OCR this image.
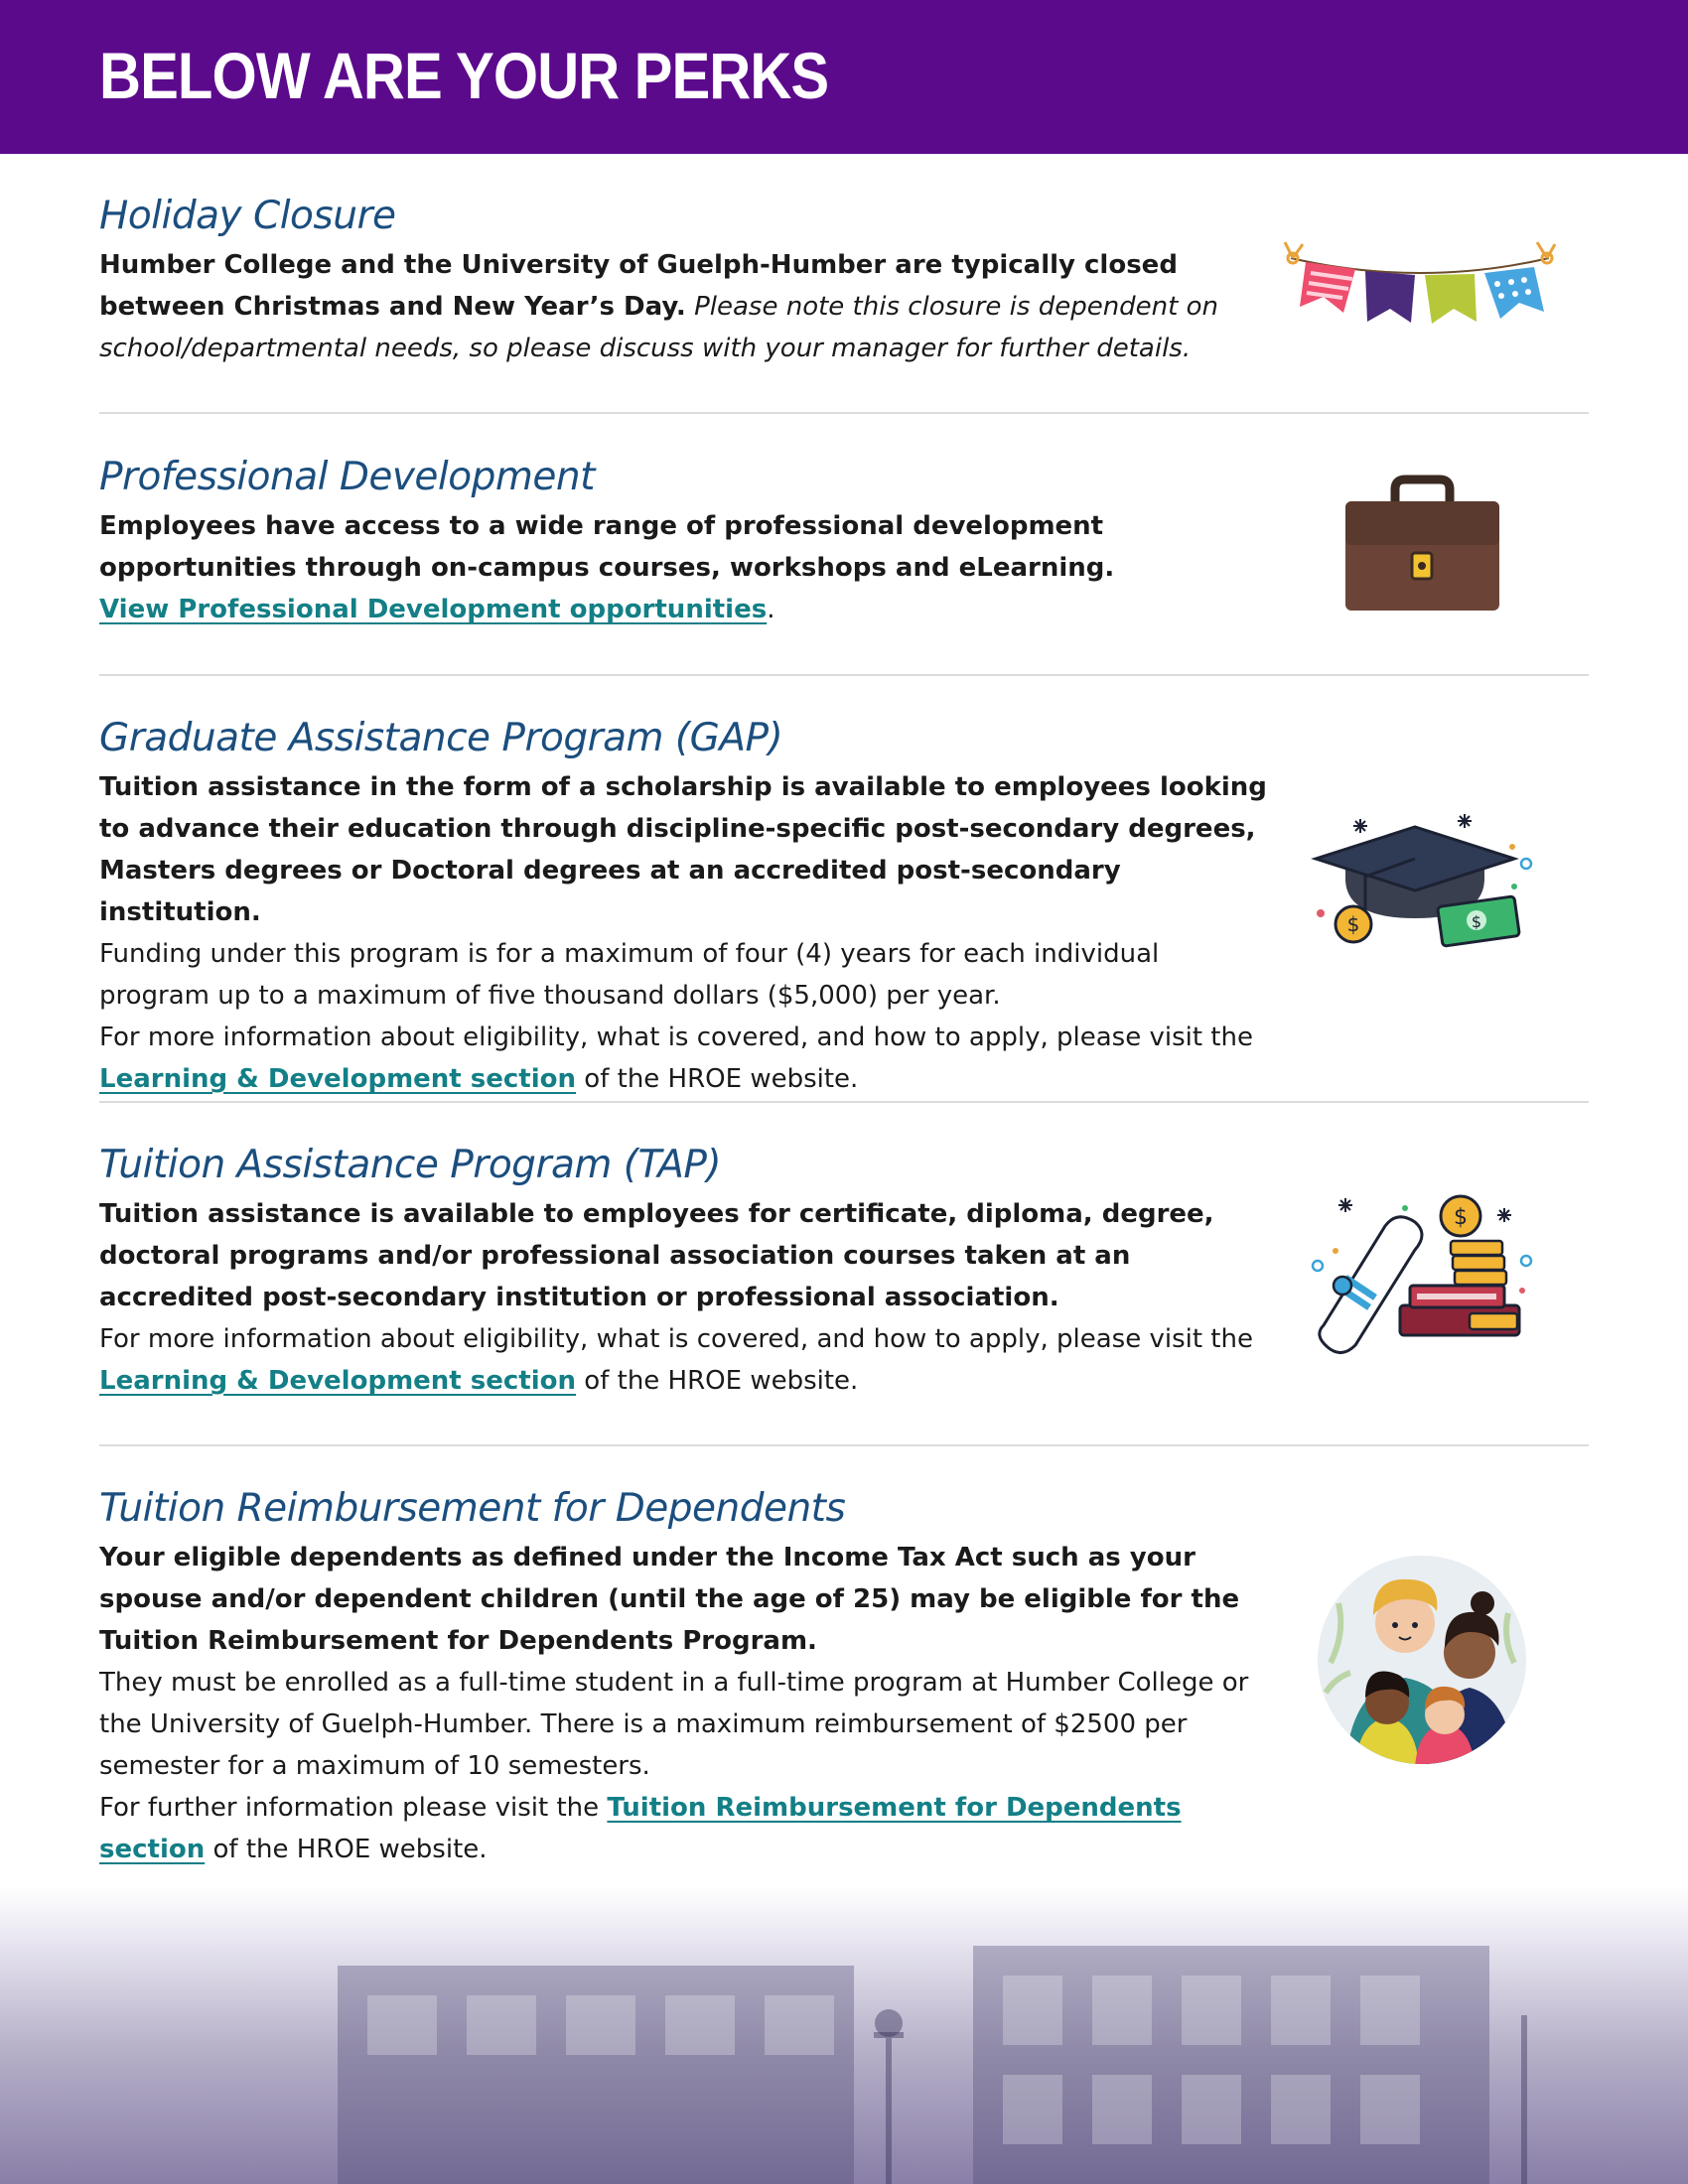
BELOW ARE YOUR PERKS
Holiday Closure

Humber College and the University of Guelph-Humber are typically closed between Christmas and New Year’s Day. Please note this closure is dependent on school/departmental needs, so please discuss with your manager for further details.

Professional Development

Employees have access to a wide range of professional development opportunities through on-campus courses, workshops and eLearning.
View Professional Development opportunities.

Graduate Assistance Program (GAP)

Tuition assistance in the form of a scholarship is available to employees looking to advance their education through discipline-specific post-secondary degrees, Masters degrees or Doctoral degrees at an accredited post-secondary institution.
Funding under this program is for a maximum of four (4) years for each individual program up to a maximum of five thousand dollars ($5,000) per year.
For more information about eligibility, what is covered, and how to apply, please visit the Learning & Development section of the HROE website.

$	$
Tuition Assistance Program (TAP)

Tuition assistance is available to employees for certificate, diploma, degree, doctoral programs and/or professional association courses taken at an accredited post-secondary institution or professional association.
For more information about eligibility, what is covered, and how to apply, please visit the Learning & Development section of the HROE website.

$
Tuition Reimbursement for Dependents

Your eligible dependents as defined under the Income Tax Act such as your spouse and/or dependent children (until the age of 25) may be eligible for the Tuition Reimbursement for Dependents Program.
They must be enrolled as a full-time student in a full-time program at Humber College or the University of Guelph-Humber. There is a maximum reimbursement of $2500 per semester for a maximum of 10 semesters.
For further information please visit the Tuition Reimbursement for Dependents section of the HROE website.
